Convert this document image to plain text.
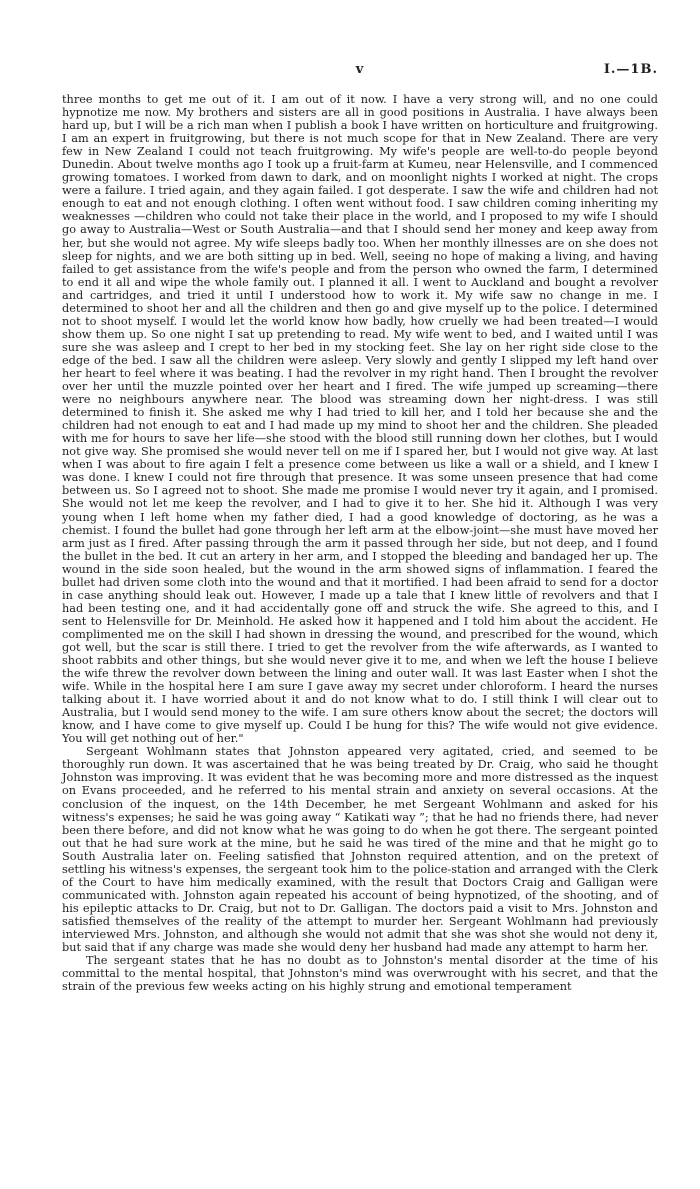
v	I.—1B.

three months to get me out of it. I am out of it now. I have a very strong will, and no one could hypnotize me now. My brothers and sisters are all in good positions in Australia. I have always been hard up, but I will be a rich man when I publish a book I have written on horticulture and fruitgrowing. I am an expert in fruitgrowing, but there is not much scope for that in New Zealand. There are very few in New Zealand I could not teach fruitgrowing. My wife's people are well-to-do people beyond Dunedin. About twelve months ago I took up a fruit-farm at Kumeu, near Helensville, and I commenced growing tomatoes. I worked from dawn to dark, and on moonlight nights I worked at night. The crops were a failure. I tried again, and they again failed. I got desperate. I saw the wife and children had not enough to eat and not enough clothing. I often went without food. I saw children coming inheriting my weaknesses —children who could not take their place in the world, and I proposed to my wife I should go away to Australia—West or South Australia—and that I should send her money and keep away from her, but she would not agree. My wife sleeps badly too. When her monthly illnesses are on she does not sleep for nights, and we are both sitting up in bed. Well, seeing no hope of making a living, and having failed to get assistance from the wife's people and from the person who owned the farm, I determined to end it all and wipe the whole family out. I planned it all. I went to Auckland and bought a revolver and cartridges, and tried it until I understood how to work it. My wife saw no change in me. I determined to shoot her and all the children and then go and give myself up to the police. I determined not to shoot myself. I would let the world know how badly, how cruelly we had been treated—I would show them up. So one night I sat up pretending to read. My wife went to bed, and I waited until I was sure she was asleep and I crept to her bed in my stocking feet. She lay on her right side close to the edge of the bed. I saw all the children were asleep. Very slowly and gently I slipped my left hand over her heart to feel where it was beating. I had the revolver in my right hand. Then I brought the revolver over her until the muzzle pointed over her heart and I fired. The wife jumped up screaming—there were no neighbours anywhere near. The blood was streaming down her night-dress. I was still determined to finish it. She asked me why I had tried to kill her, and I told her because she and the children had not enough to eat and I had made up my mind to shoot her and the children. She pleaded with me for hours to save her life—she stood with the blood still running down her clothes, but I would not give way. She promised she would never tell on me if I spared her, but I would not give way. At last when I was about to fire again I felt a presence come between us like a wall or a shield, and I knew I was done. I knew I could not fire through that presence. It was some unseen presence that had come between us. So I agreed not to shoot. She made me promise I would never try it again, and I promised. She would not let me keep the revolver, and I had to give it to her. She hid it. Although I was very young when I left home when my father died, I had a good knowledge of doctoring, as he was a chemist. I found the bullet had gone through her left arm at the elbow-joint—she must have moved her arm just as I fired. After passing through the arm it passed through her side, but not deep, and I found the bullet in the bed. It cut an artery in her arm, and I stopped the bleeding and bandaged her up. The wound in the side soon healed, but the wound in the arm showed signs of inflammation. I feared the bullet had driven some cloth into the wound and that it mortified. I had been afraid to send for a doctor in case anything should leak out. However, I made up a tale that I knew little of revolvers and that I had been testing one, and it had accidentally gone off and struck the wife. She agreed to this, and I sent to Helensville for Dr. Meinhold. He asked how it happened and I told him about the accident. He complimented me on the skill I had shown in dressing the wound, and prescribed for the wound, which got well, but the scar is still there. I tried to get the revolver from the wife afterwards, as I wanted to shoot rabbits and other things, but she would never give it to me, and when we left the house I believe the wife threw the revolver down between the lining and outer wall. It was last Easter when I shot the wife. While in the hospital here I am sure I gave away my secret under chloroform. I heard the nurses talking about it. I have worried about it and do not know what to do. I still think I will clear out to Australia, but I would send money to the wife. I am sure others know about the secret; the doctors will know, and I have come to give myself up. Could I be hung for this? The wife would not give evidence. You will get nothing out of her."

Sergeant Wohlmann states that Johnston appeared very agitated, cried, and seemed to be thoroughly run down. It was ascertained that he was being treated by Dr. Craig, who said he thought Johnston was improving. It was evident that he was becoming more and more distressed as the inquest on Evans proceeded, and he referred to his mental strain and anxiety on several occasions. At the conclusion of the inquest, on the 14th December, he met Sergeant Wohlmann and asked for his witness's expenses; he said he was going away “ Katikati way ”; that he had no friends there, had never been there before, and did not know what he was going to do when he got there. The sergeant pointed out that he had sure work at the mine, but he said he was tired of the mine and that he might go to South Australia later on. Feeling satisfied that Johnston required attention, and on the pretext of settling his witness's expenses, the sergeant took him to the police-station and arranged with the Clerk of the Court to have him medically examined, with the result that Doctors Craig and Galligan were communicated with. Johnston again repeated his account of being hypnotized, of the shooting, and of his epileptic attacks to Dr. Craig, but not to Dr. Galligan. The doctors paid a visit to Mrs. Johnston and satisfied themselves of the reality of the attempt to murder her. Sergeant Wohlmann had previously interviewed Mrs. Johnston, and although she would not admit that she was shot she would not deny it, but said that if any charge was made she would deny her husband had made any attempt to harm her.

The sergeant states that he has no doubt as to Johnston's mental disorder at the time of his committal to the mental hospital, that Johnston's mind was overwrought with his secret, and that the strain of the previous few weeks acting on his highly strung and emotional temperament
